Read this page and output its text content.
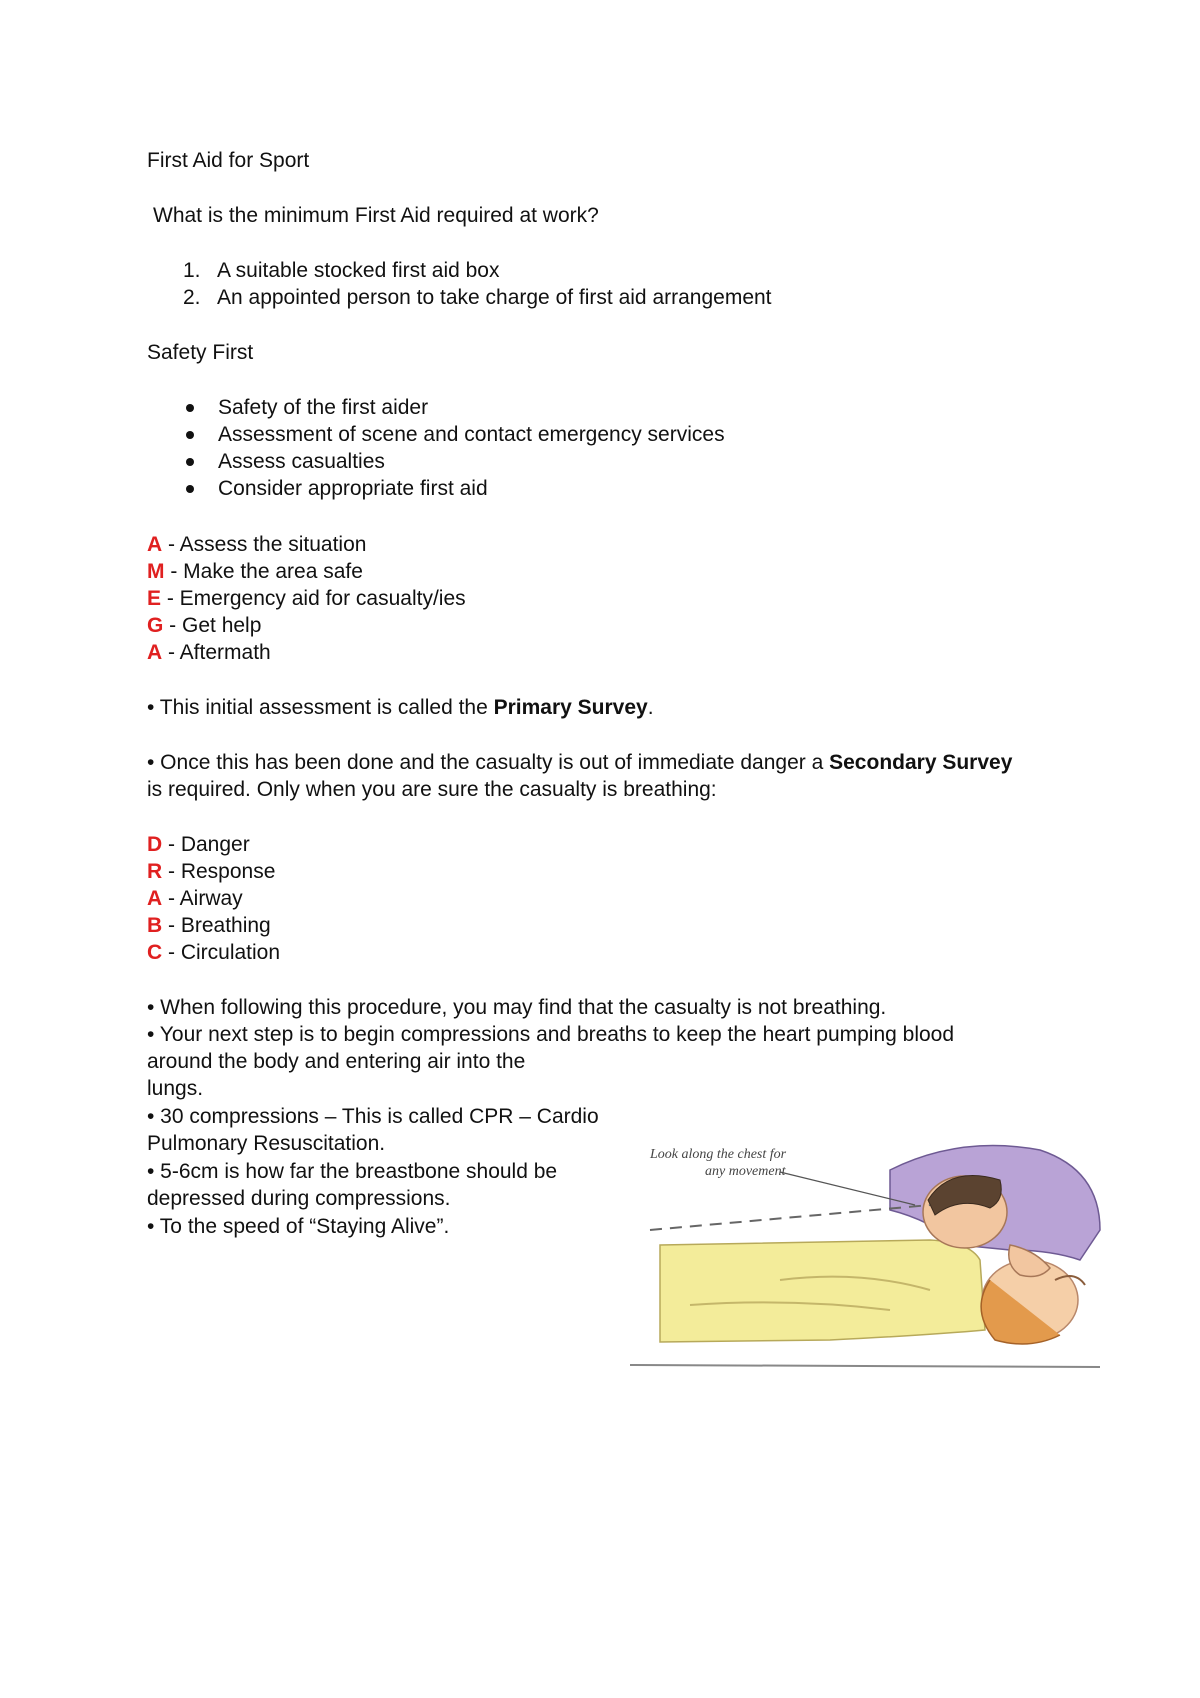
First Aid for Sport
What is the minimum First Aid required at work?
1. A suitable stocked first aid box
2. An appointed person to take charge of first aid arrangement
Safety First
Safety of the first aider
Assessment of scene and contact emergency services
Assess casualties
Consider appropriate first aid
A - Assess the situation
M - Make the area safe
E - Emergency aid for casualty/ies
G - Get help
A - Aftermath
• This initial assessment is called the Primary Survey.
• Once this has been done and the casualty is out of immediate danger a Secondary Survey
is required. Only when you are sure the casualty is breathing:
D - Danger
R - Response
A - Airway
B - Breathing
C - Circulation
• When following this procedure, you may find that the casualty is not breathing.
• Your next step is to begin compressions and breaths to keep the heart pumping blood
around the body and entering air into the
lungs.
• 30 compressions – This is called CPR – Cardio
Pulmonary Resuscitation.
• 5-6cm is how far the breastbone should be
depressed during compressions.
• To the speed of “Staying Alive”.
Look along the chest for
any movement
